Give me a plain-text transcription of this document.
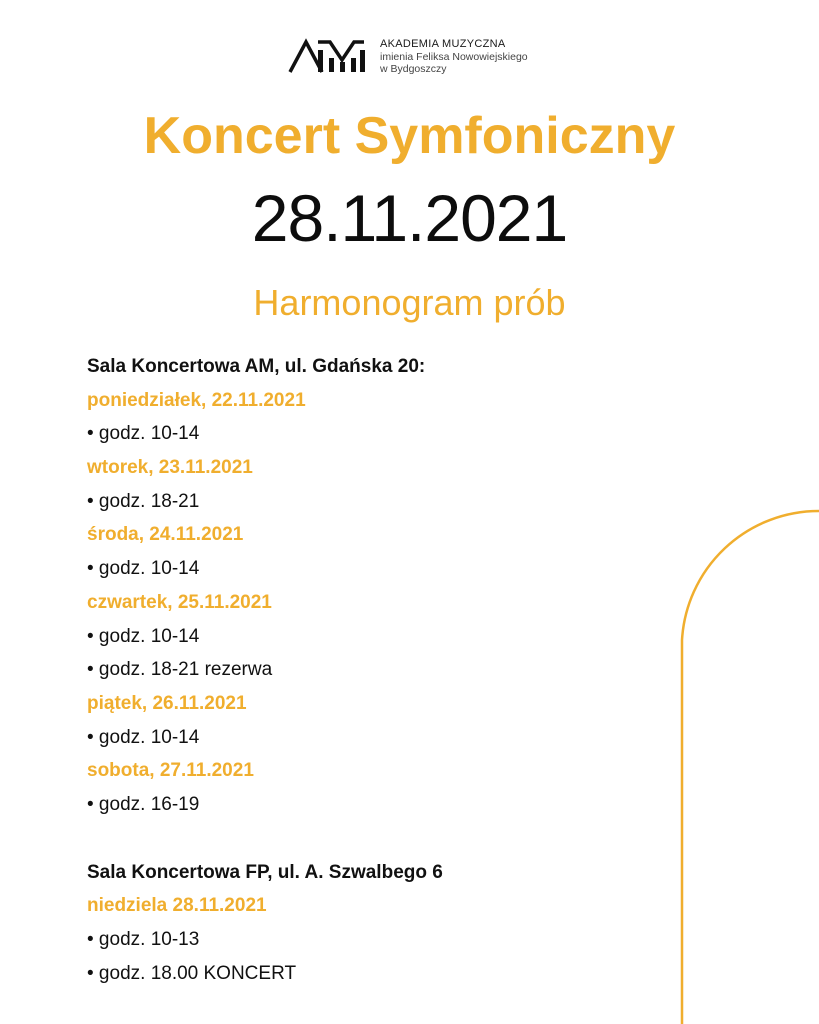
AKADEMIA MUZYCZNA
imienia Feliksa Nowowiejskiego
w Bydgoszczy
Koncert Symfoniczny
28.11.2021
Harmonogram prób
Sala Koncertowa AM, ul. Gdańska 20:
poniedziałek, 22.11.2021
• godz. 10-14
wtorek, 23.11.2021
• godz. 18-21
środa, 24.11.2021
• godz. 10-14
czwartek, 25.11.2021
• godz. 10-14
• godz. 18-21 rezerwa
piątek, 26.11.2021
• godz. 10-14
sobota, 27.11.2021
• godz. 16-19
Sala Koncertowa FP, ul. A. Szwalbego 6
niedziela 28.11.2021
• godz. 10-13
• godz. 18.00 KONCERT
